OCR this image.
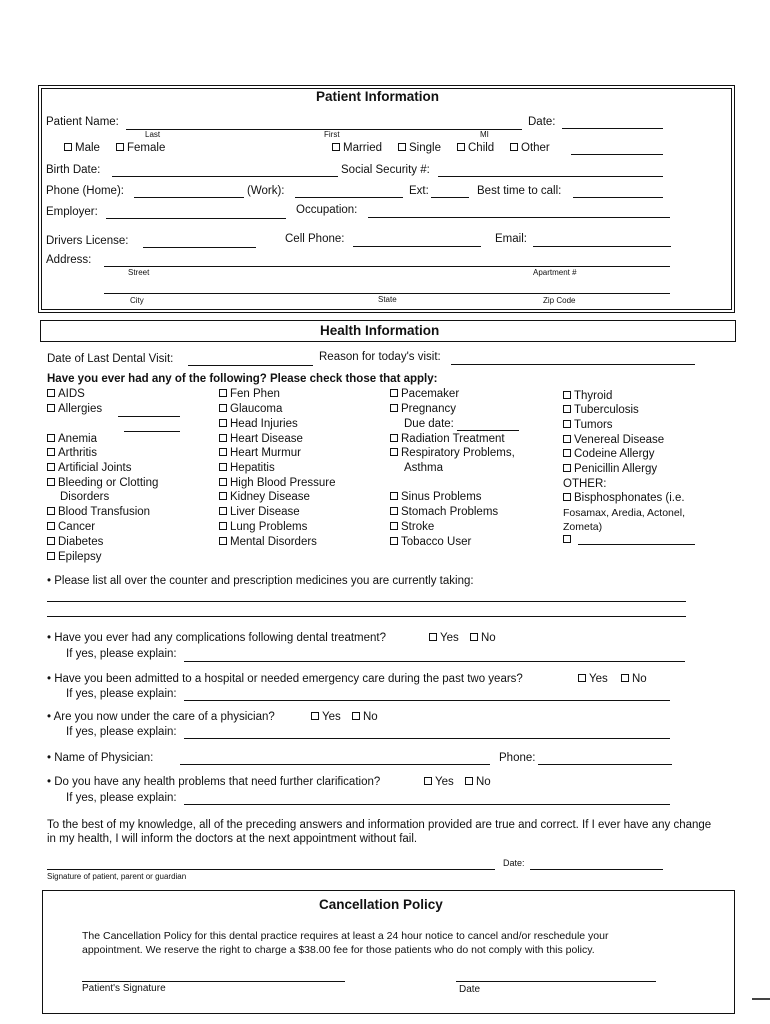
Patient Information
Patient Name:	Date:
Last	First	MI
Male	Female	Married	Single	Child	Other
Birth Date:	Social Security #:
Phone (Home):	(Work):	Ext:	Best time to call:
Employer:	Occupation:
Drivers License:	Cell Phone:	Email:
Address:
Street	Apartment #
City	State	Zip Code
Health Information
Date of Last Dental Visit:	Reason for today's visit:
Have you ever had any of the following? Please check those that apply:
AIDS
Allergies
Anemia
Arthritis
Artificial Joints
Bleeding or Clotting
Disorders
Blood Transfusion
Cancer
Diabetes
Epilepsy
Fen Phen
Glaucoma
Head Injuries
Heart Disease
Heart Murmur
Hepatitis
High Blood Pressure
Kidney Disease
Liver Disease
Lung Problems
Mental Disorders
Pacemaker
Pregnancy
Due date:
Radiation Treatment
Respiratory Problems,
Asthma
Sinus Problems
Stomach Problems
Stroke
Tobacco User
Thyroid
Tuberculosis
Tumors
Venereal Disease
Codeine Allergy
Penicillin Allergy
OTHER:
Bisphosphonates (i.e.
Fosamax, Aredia, Actonel,
Zometa)
• Please list all over the counter and prescription medicines you are currently taking:
• Have you ever had any complications following dental treatment?	Yes	No
If yes, please explain:
• Have you been admitted to a hospital or needed emergency care during the past two years?	Yes	No
If yes, please explain:
• Are you now under the care of a physician?	Yes	No
If yes, please explain:
• Name of Physician:	Phone:
• Do you have any health problems that need further clarification?	Yes	No
If yes, please explain:
To the best of my knowledge, all of the preceding answers and information provided are true and correct. If I ever have any change in my health, I will inform the doctors at the next appointment without fail.
Date:
Signature of patient, parent or guardian
Cancellation Policy
The Cancellation Policy for this dental practice requires at least a 24 hour notice to cancel and/or reschedule your appointment. We reserve the right to charge a $38.00 fee for those patients who do not comply with this policy.
Patient's Signature	Date
